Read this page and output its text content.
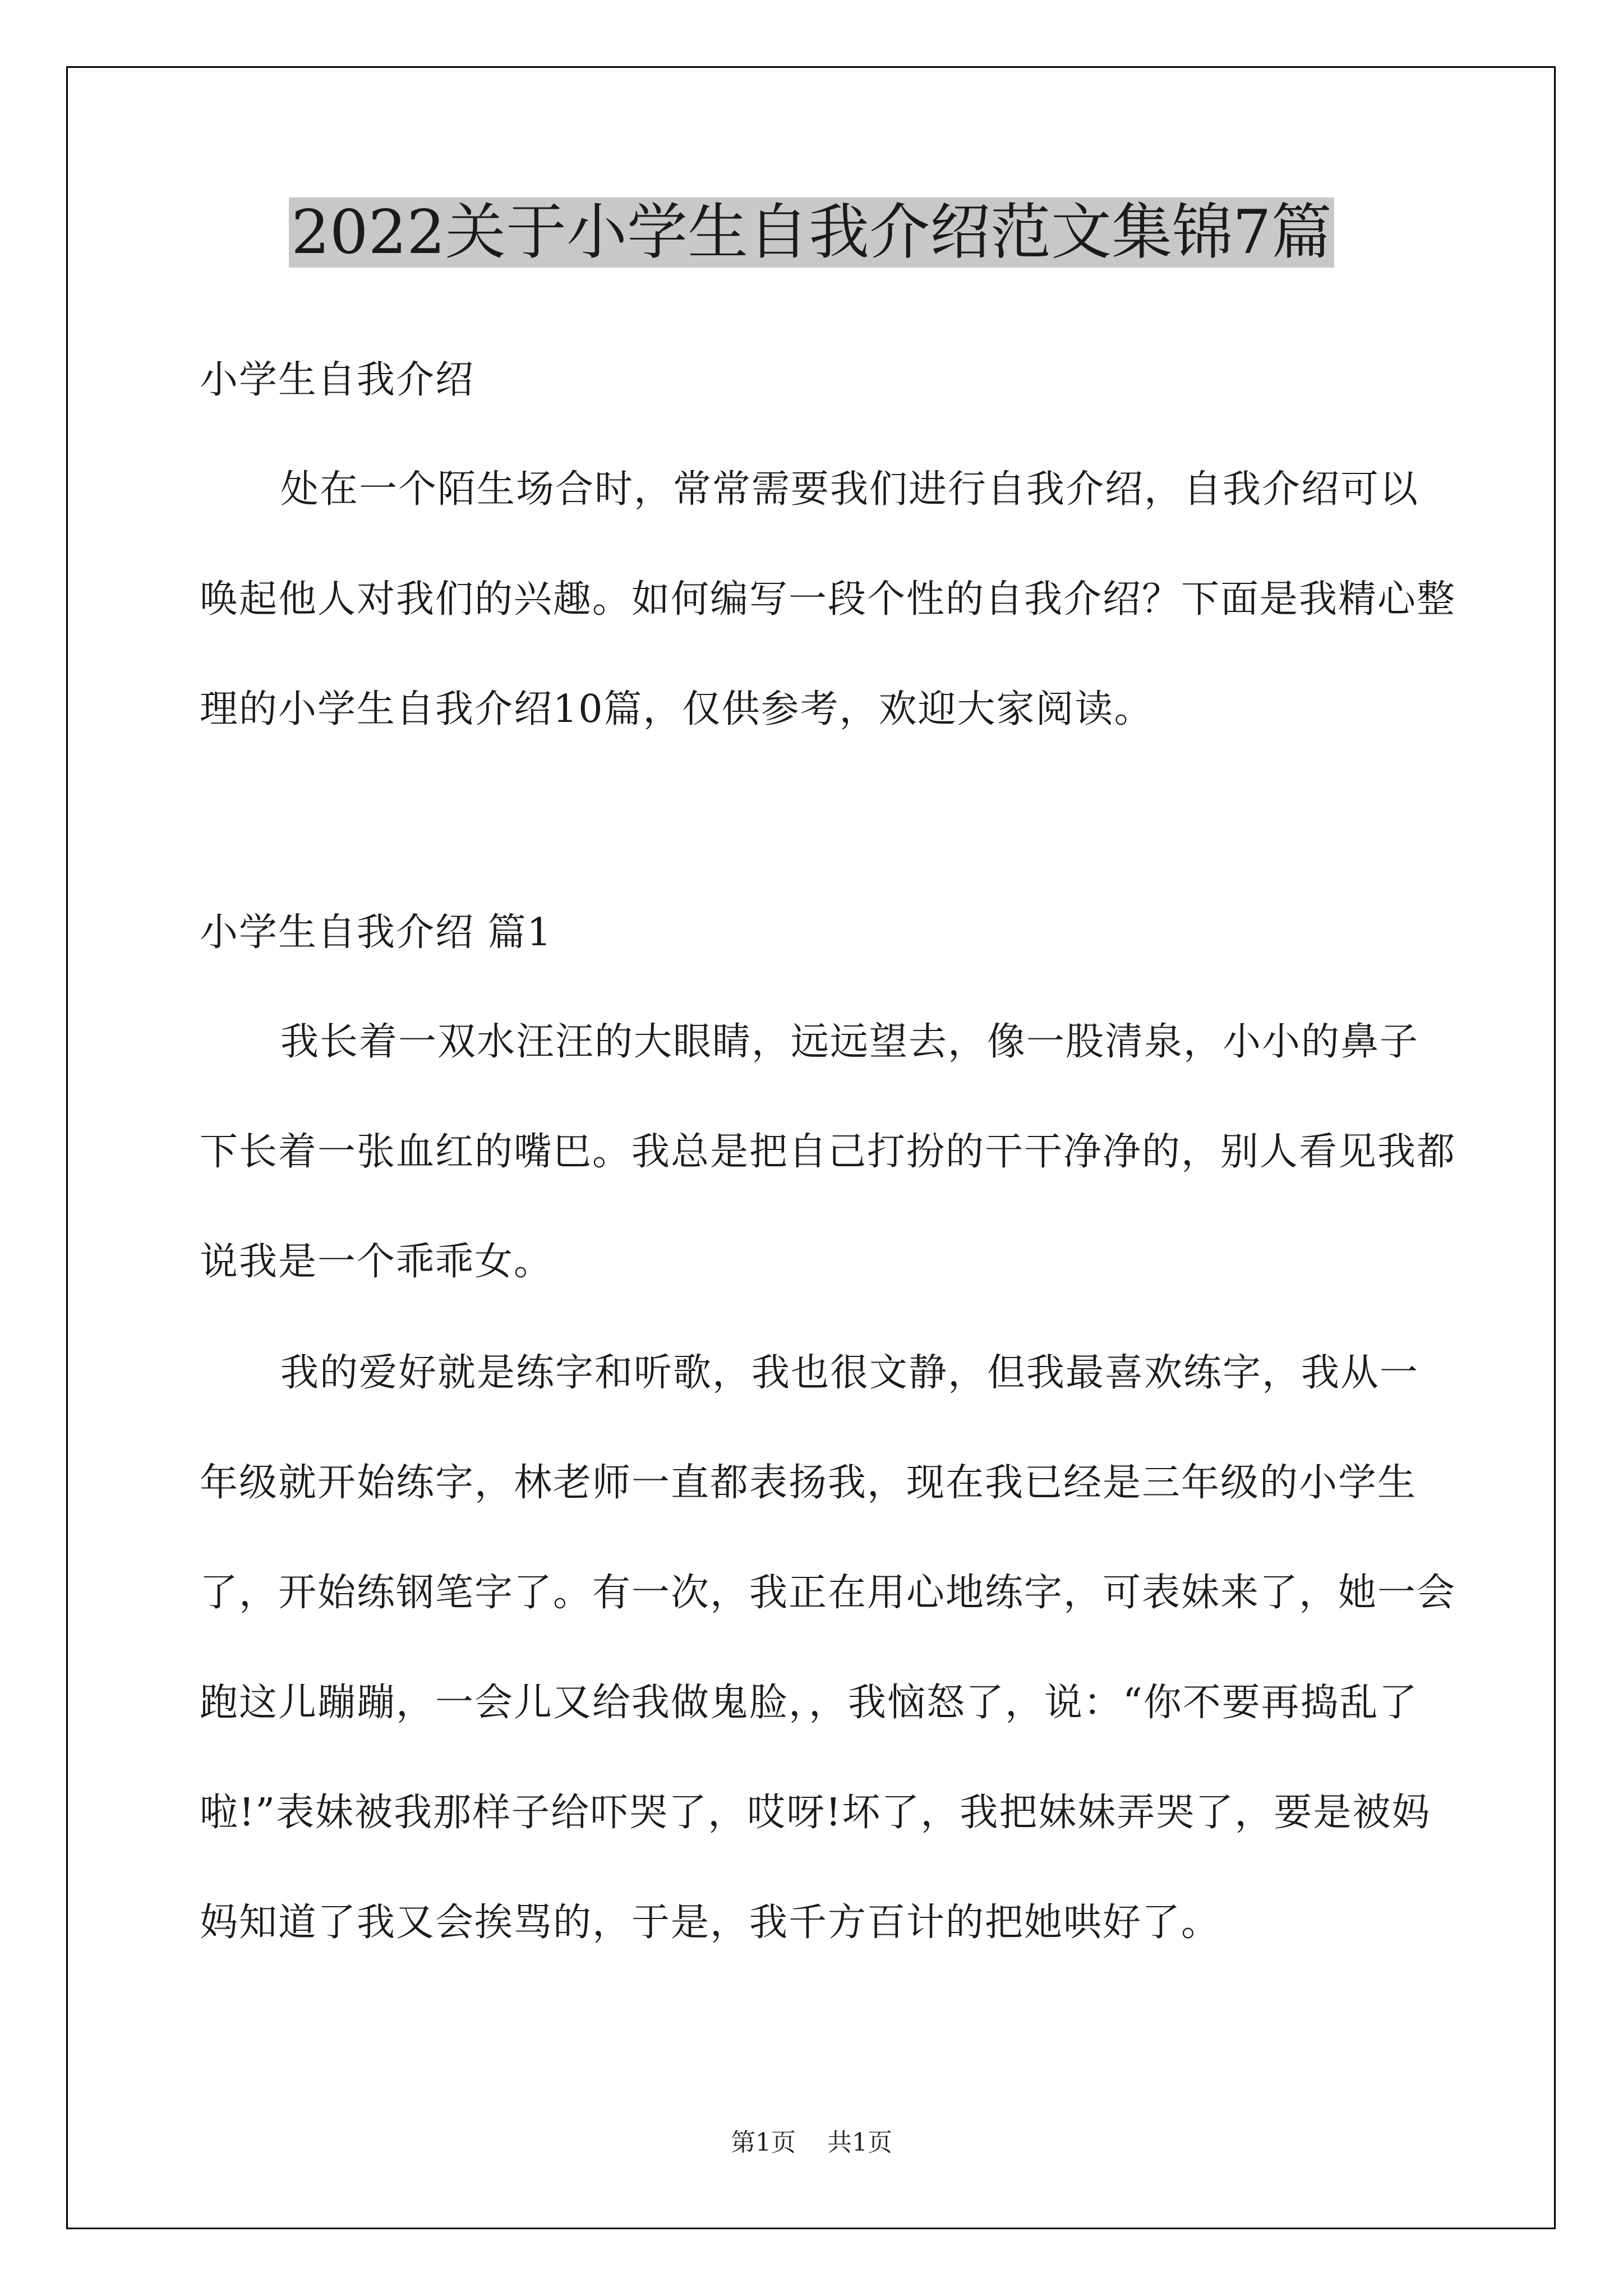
2022关于小学生自我介绍范文集锦7篇

小学生自我介绍

处在一个陌生场合时，常常需要我们进行自我介绍，自我介绍可以唤起他人对我们的兴趣。如何编写一段个性的自我介绍？下面是我精心整理的小学生自我介绍10篇，仅供参考，欢迎大家阅读。

小学生自我介绍 篇1

我长着一双水汪汪的大眼睛，远远望去，像一股清泉，小小的鼻子下长着一张血红的嘴巴。我总是把自己打扮的干干净净的，别人看见我都说我是一个乖乖女。

我的爱好就是练字和听歌，我也很文静，但我最喜欢练字，我从一年级就开始练字，林老师一直都表扬我，现在我已经是三年级的小学生了，开始练钢笔字了。有一次，我正在用心地练字，可表妹来了，她一会跑这儿蹦蹦，一会儿又给我做鬼脸，，我恼怒了，说：“你不要再捣乱了啦!”表妹被我那样子给吓哭了，哎呀!坏了，我把妹妹弄哭了，要是被妈妈知道了我又会挨骂的，于是，我千方百计的把她哄好了。

第1页 共1页
